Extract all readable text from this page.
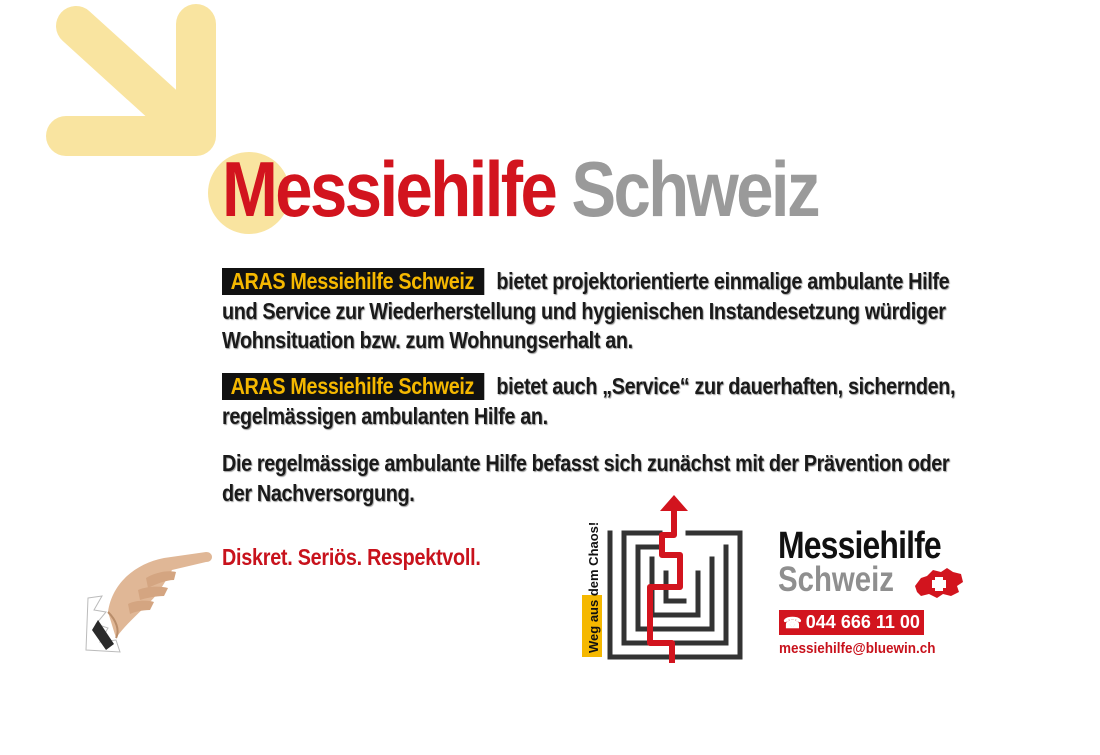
Messiehilfe Schweiz

ARAS Messiehilfe Schweiz bietet projektorientierte einmalige ambulante Hilfe und Service zur Wiederherstellung und hygienischen Instandesetzung würdiger Wohnsituation bzw. zum Wohnungserhalt an.

ARAS Messiehilfe Schweiz bietet auch „Service“ zur dauerhaften, sichernden, regelmässigen ambulanten Hilfe an.

Die regelmässige ambulante Hilfe befasst sich zunächst mit der Prävention oder der Nachversorgung.

Diskret. Seriös. Respektvoll.

Weg aus dem Chaos!	Messiehilfe
Schweiz
☎ 044 666 11 00

messiehilfe@bluewin.ch
